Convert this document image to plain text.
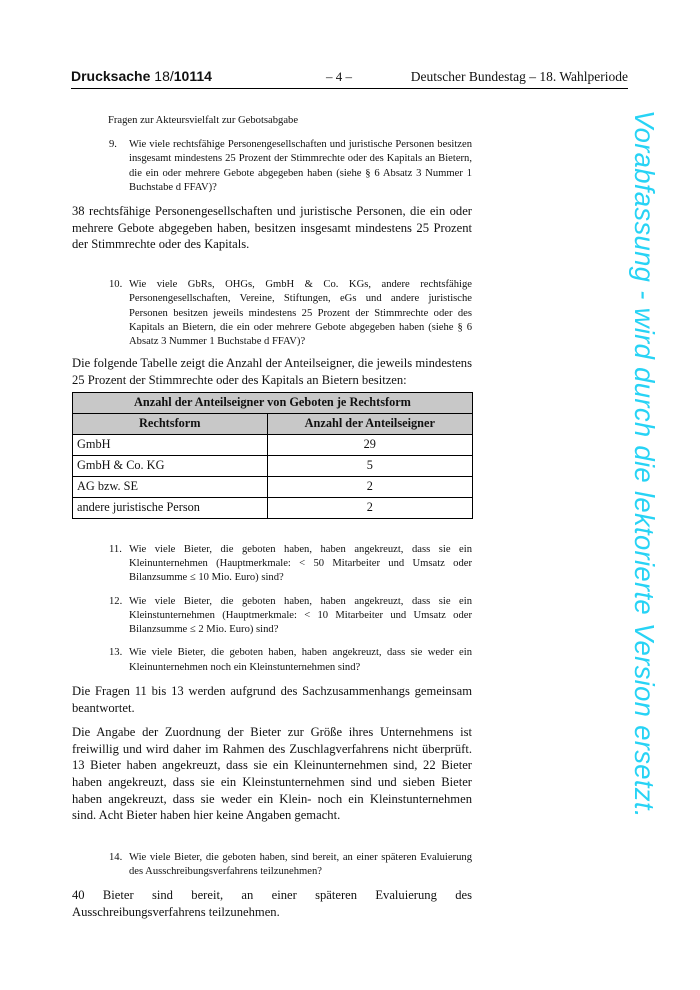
Drucksache 18/10114	– 4 –	Deutscher Bundestag – 18. Wahlperiode
Fragen zur Akteursvielfalt zur Gebotsabgabe
9.	Wie viele rechtsfähige Personengesellschaften und juristische Personen besitzen insgesamt mindestens 25 Prozent der Stimmrechte oder des Kapitals an Bietern, die ein oder mehrere Gebote abgegeben haben (siehe § 6 Absatz 3 Nummer 1 Buchstabe d FFAV)?

38 rechtsfähige Personengesellschaften und juristische Personen, die ein oder mehrere Gebote abgegeben haben, besitzen insgesamt mindestens 25 Prozent der Stimmrechte oder des Kapitals.

10. Wie viele GbRs, OHGs, GmbH & Co. KGs, andere rechtsfähige Personengesellschaften, Vereine, Stiftungen, eGs und andere juristische Personen besitzen jeweils mindestens 25 Prozent der Stimmrechte oder des Kapitals an Bietern, die ein oder mehrere Gebote abgegeben haben (siehe § 6 Absatz 3 Nummer 1 Buchstabe d FFAV)?

Die folgende Tabelle zeigt die Anzahl der Anteilseigner, die jeweils mindestens 25 Prozent der Stimmrechte oder des Kapitals an Bietern besitzen:

Anzahl der Anteilseigner von Geboten je Rechtsform	
Rechtsform	Anzahl der Anteilseigner
GmbH	29
GmbH & Co. KG	5
AG bzw. SE	2
andere juristische Person	2
11. Wie viele Bieter, die geboten haben, haben angekreuzt, dass sie ein Kleinunternehmen (Hauptmerkmale: < 50 Mitarbeiter und Umsatz oder Bilanzsumme ≤ 10 Mio. Euro) sind?
12. Wie viele Bieter, die geboten haben, haben angekreuzt, dass sie ein Kleinstunternehmen (Hauptmerkmale: < 10 Mitarbeiter und Umsatz oder Bilanzsumme ≤ 2 Mio. Euro) sind?
13. Wie viele Bieter, die geboten haben, haben angekreuzt, dass sie weder ein Kleinunternehmen noch ein Kleinstunternehmen sind?

Die Fragen 11 bis 13 werden aufgrund des Sachzusammenhangs gemeinsam beantwortet.

Die Angabe der Zuordnung der Bieter zur Größe ihres Unternehmens ist freiwillig und wird daher im Rahmen des Zuschlagverfahrens nicht überprüft. 13 Bieter haben angekreuzt, dass sie ein Kleinunternehmen sind, 22 Bieter haben angekreuzt, dass sie ein Kleinstunternehmen sind und sieben Bieter haben angekreuzt, dass sie weder ein Klein- noch ein Kleinstunternehmen sind. Acht Bieter haben hier keine Angaben gemacht.

14. Wie viele Bieter, die geboten haben, sind bereit, an einer späteren Evaluierung des Ausschreibungsverfahrens teilzunehmen?

40 Bieter sind bereit, an einer späteren Evaluierung des Ausschreibungsverfahrens teilzunehmen.

Vorabfassung - wird durch die lektorierte Version ersetzt.
